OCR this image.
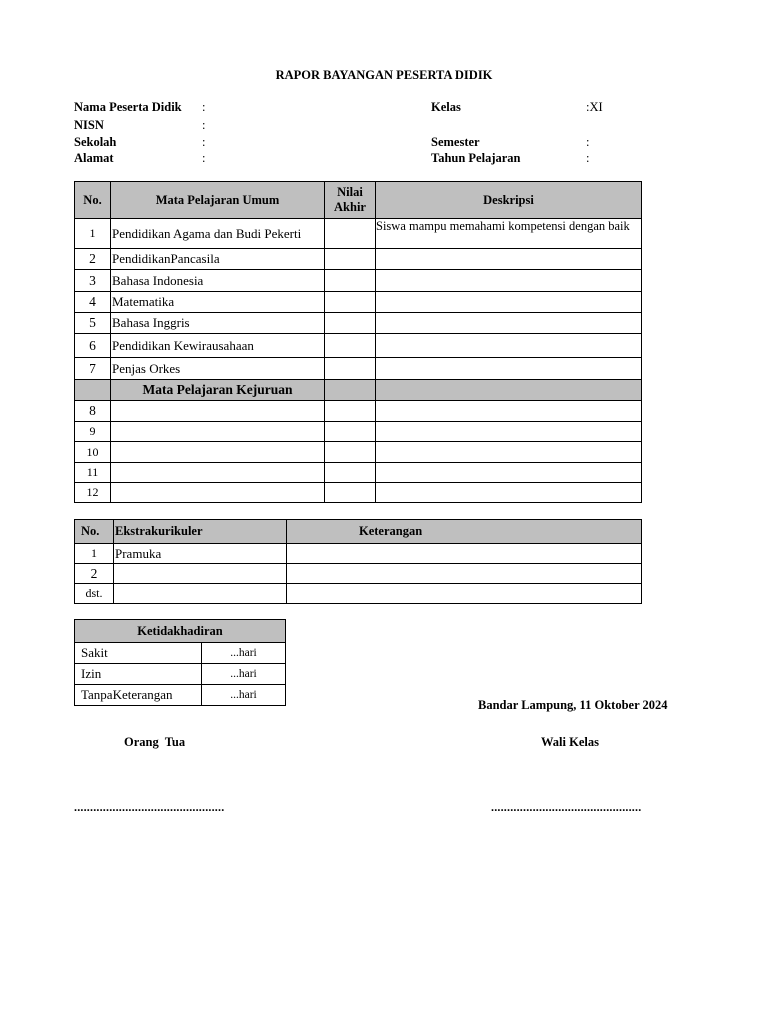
RAPOR BAYANGAN PESERTA DIDIK
Nama Peserta Didik :
NISN	:
Sekolah	:
Alamat	:
Kelas	:XI
Semester	:
Tahun Pelajaran	:
No.	Mata Pelajaran Umum	Nilai Akhir	Deskripsi
1	Pendidikan Agama dan Budi Pekerti		Siswa mampu memahami kompetensi dengan baik
2	PendidikanPancasila		
3	Bahasa Indonesia		
4	Matematika		
5	Bahasa Inggris		
6	Pendidikan Kewirausahaan		
7	Penjas Orkes		
	Mata Pelajaran Kejuruan		
8			
9			
10			
11			
12			
No.	Ekstrakurikuler	Keterangan
1	Pramuka	
2		
dst.		
Ketidakhadiran	
Sakit	...hari
Izin	...hari
TanpaKeterangan	...hari
Bandar Lampung, 11 Oktober 2024
Orang  Tua	Wali Kelas
...............................................	...............................................
